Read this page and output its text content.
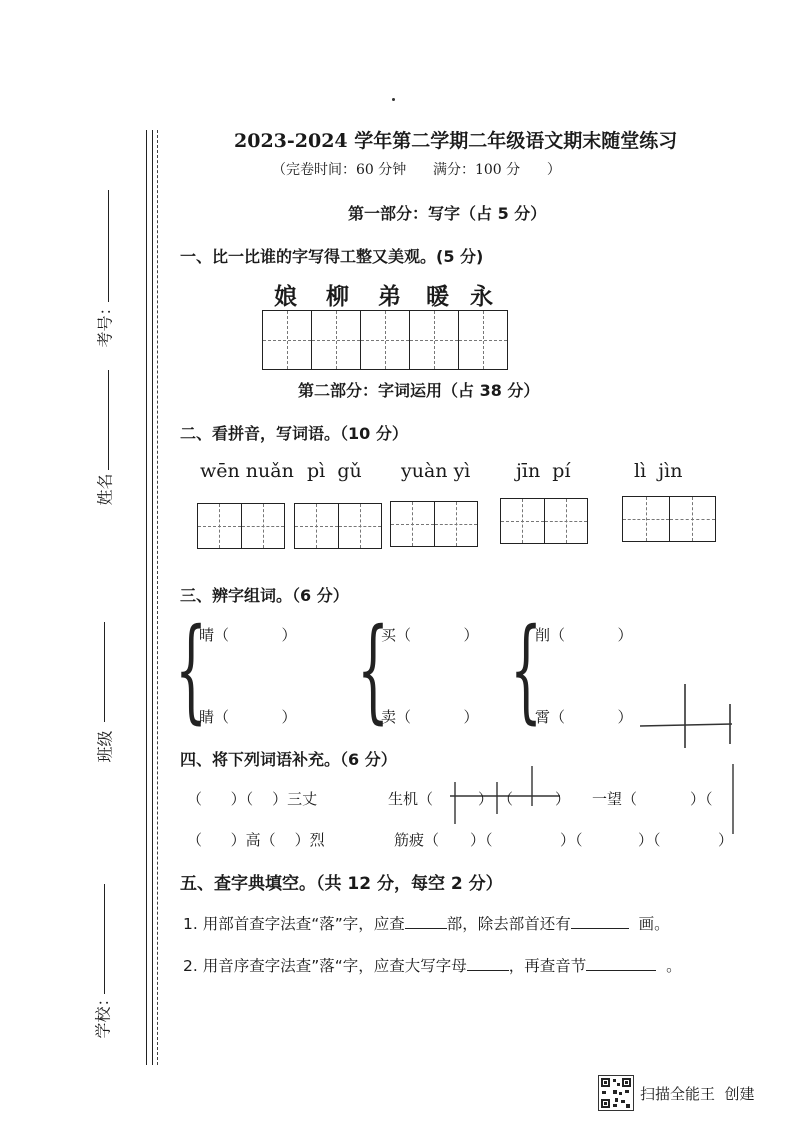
考号：
姓名
班级
学校：
2023-2024 学年第二学期二年级语文期末随堂练习
（完卷时间：60 分钟      满分：100 分      ）
第一部分：写字（占 5 分）
一、比一比谁的字写得工整又美观。(5 分)
娘 柳 弟 暖 永
第二部分：字词运用（占 38 分）
二、看拼音，写词语。（10 分）
wēn nuǎn pì  gǔ yuàn yì jīn  pí	lì  jìn
三、辨字组词。（6 分）
{ { {
晴（           ）
睛（           ）
买（           ）
卖（           ）
削（           ）
霄（           ）
四、将下列词语补充。（6 分）
（      ）（    ）三丈	生机（	） （	） 一望（	）（
（      ）高（    ）烈	筋疲（ ）（	）（	）（	）
五、查字典填空。（共 12 分，每空 2 分）
1. 用部首查字法查“落”字，应查	部，除去部首还有	画。
2. 用音序查字法查”落“字，应查大写字母	，再查音节	。
扫描全能王  创建
